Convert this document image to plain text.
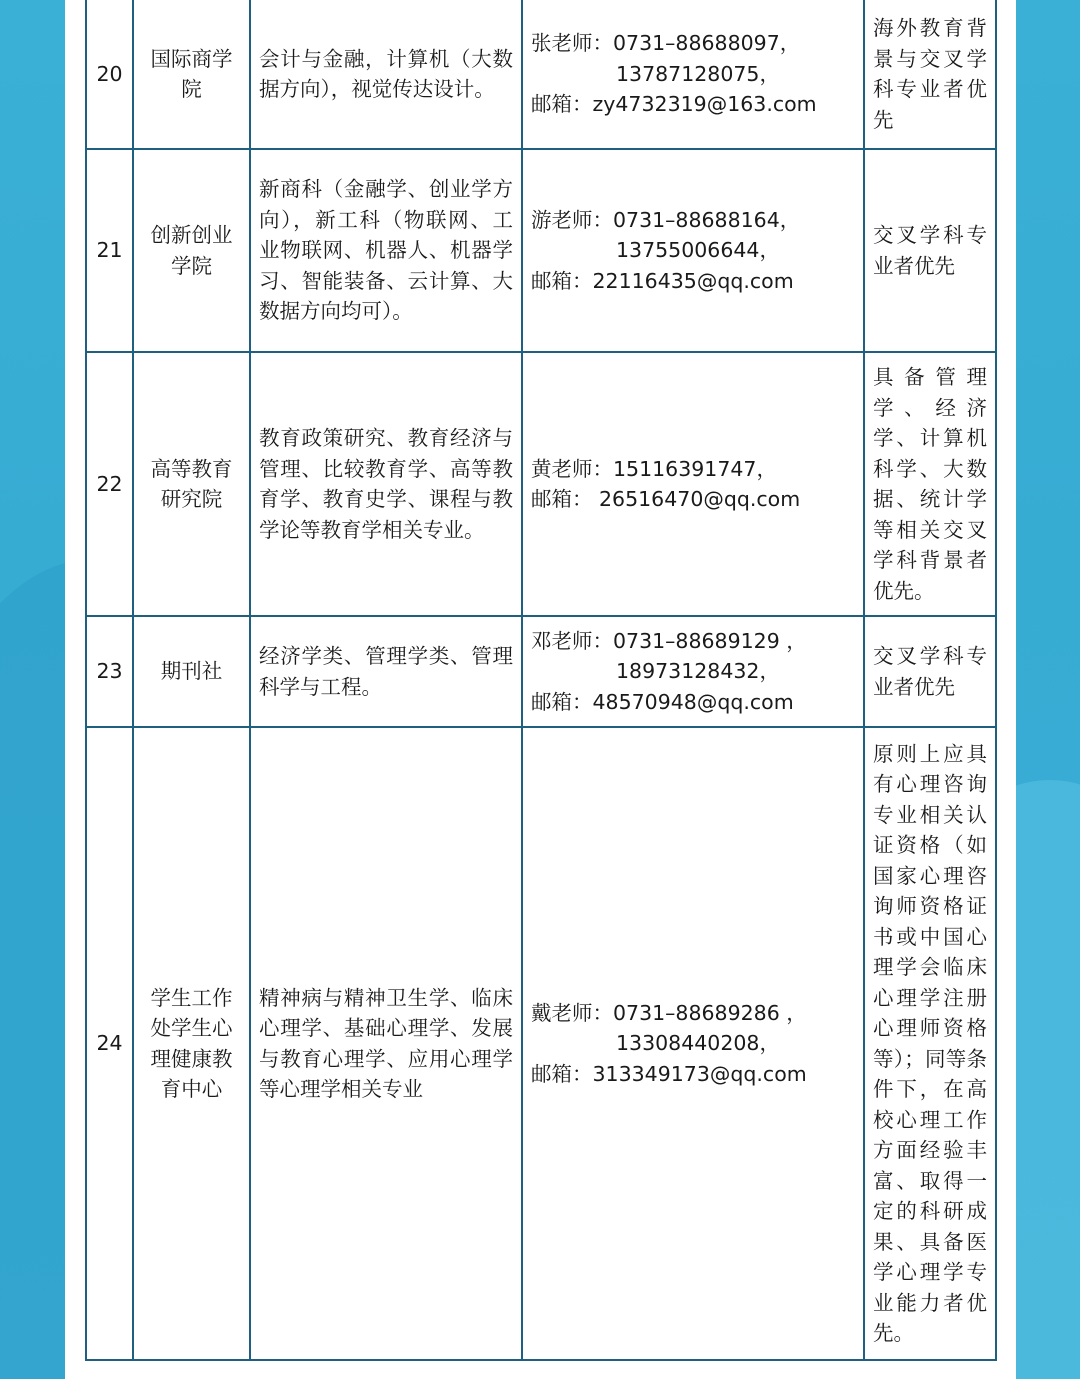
20	国际商学院	会计与金融，计算机（大数据方向），视觉传达设计。	张老师：0731–88688097，
13787128075，
邮箱：zy4732319@163.com	海外教育背景与交叉学科专业者优先
21	创新创业学院	新商科（金融学、创业学方向），新工科（物联网、工业物联网、机器人、机器学习、智能装备、云计算、大数据方向均可）。	游老师：0731–88688164，
13755006644，
邮箱：22116435@qq.com	交叉学科专业者优先
22	高等教育研究院	教育政策研究、教育经济与管理、比较教育学、高等教育学、教育史学、课程与教学论等教育学相关专业。	黄老师：15116391747，
邮箱： 26516470@qq.com	具备管理学、经济学、计算机科学、大数据、统计学等相关交叉学科背景者优先。
23	期刊社	经济学类、管理学类、管理科学与工程。	邓老师：0731–88689129 ，
18973128432，
邮箱：48570948@qq.com	交叉学科专业者优先
24	学生工作处学生心理健康教育中心	精神病与精神卫生学、临床心理学、基础心理学、发展与教育心理学、应用心理学等心理学相关专业	戴老师：0731–88689286 ，
13308440208，
邮箱：313349173@qq.com	原则上应具有心理咨询专业相关认证资格（如国家心理咨询师资格证书或中国心理学会临床心理学注册心理师资格等）；同等条件下，在高校心理工作方面经验丰富、取得一定的科研成果、具备医学心理学专业能力者优先。
